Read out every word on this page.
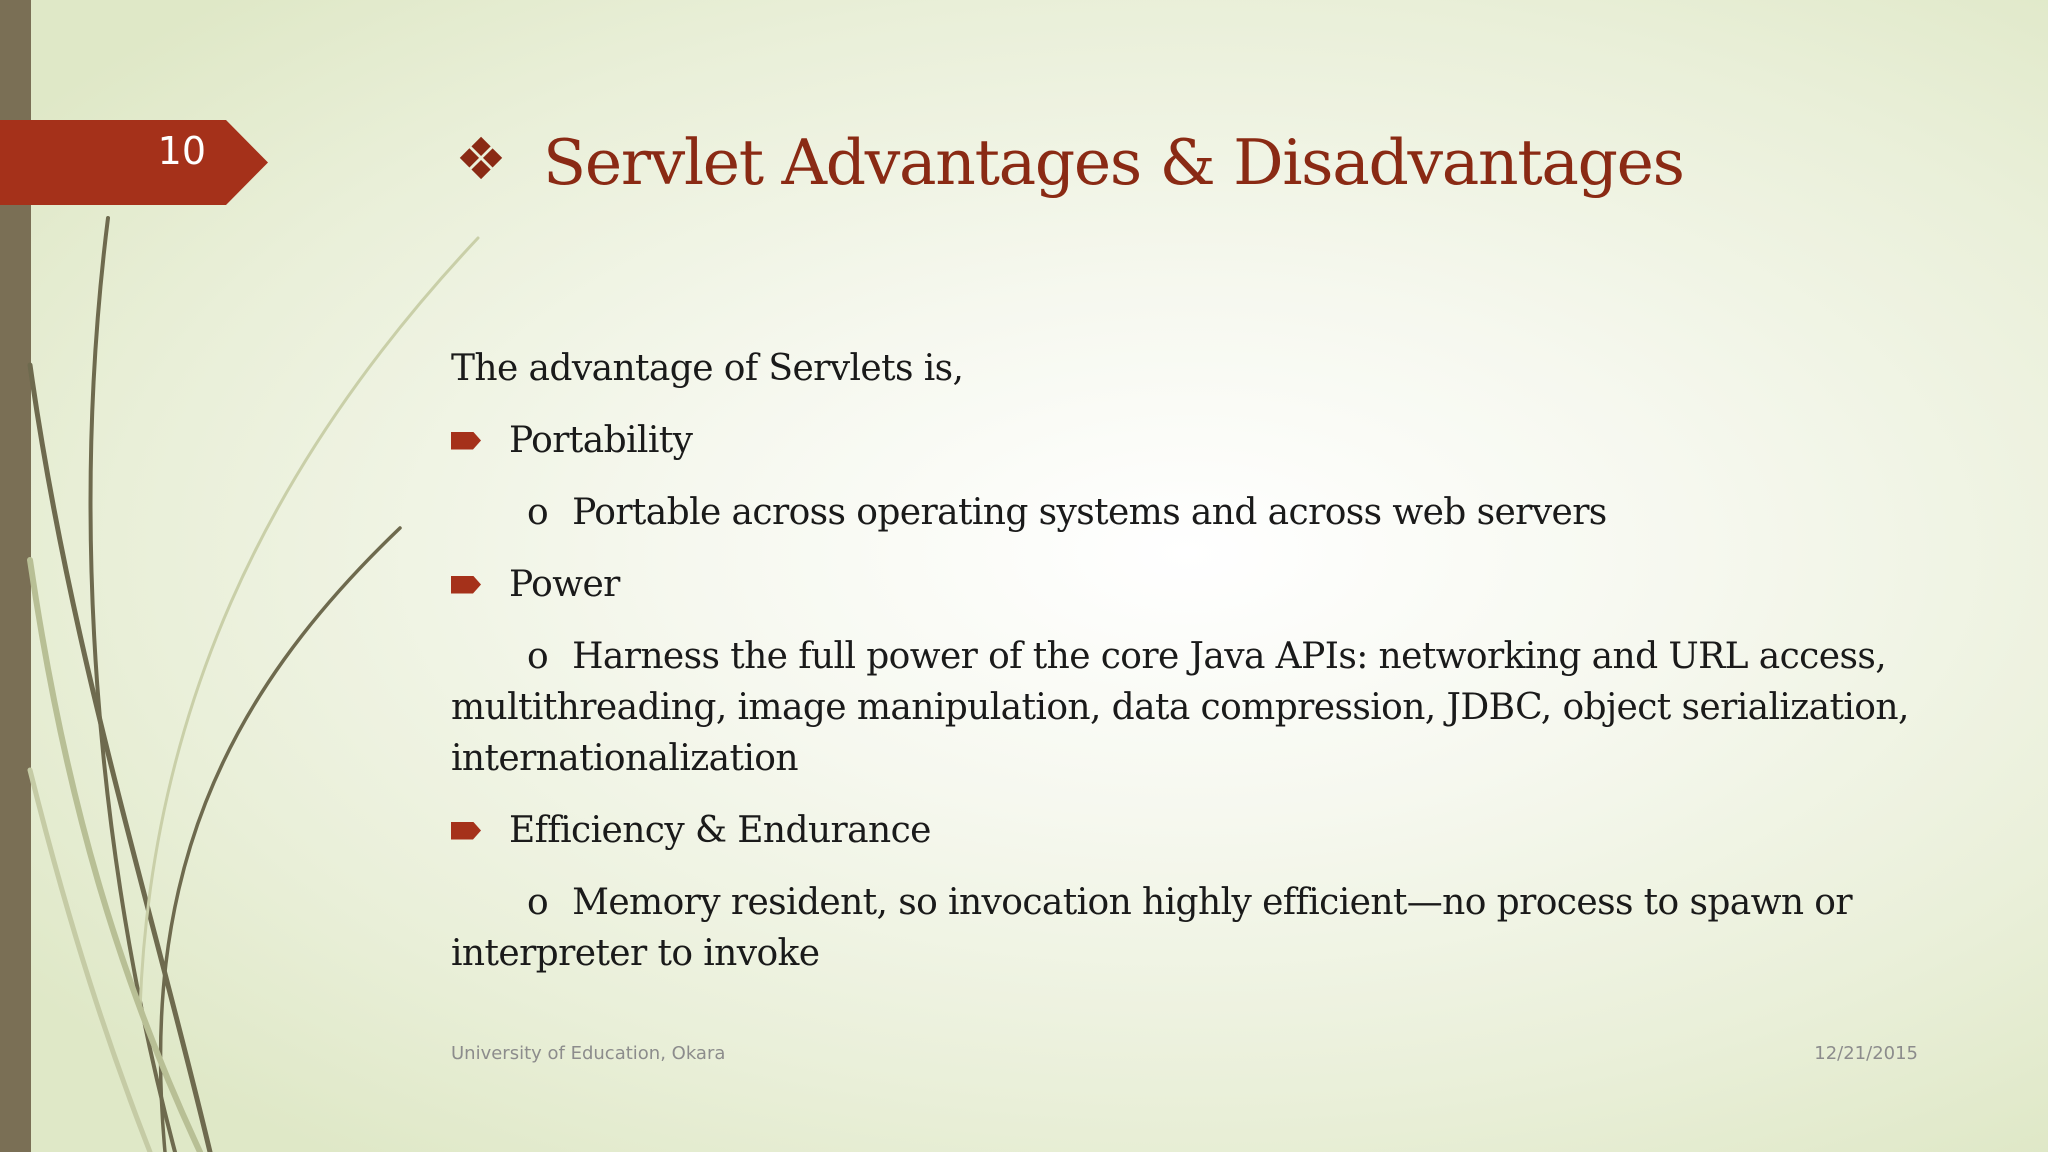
10	❖ Servlet Advantages & Disadvantages
The advantage of Servlets is,
Portability
o Portable across operating systems and across web servers
Power
o Harness the full power of the core Java APIs: networking and URL access, multithreading, image manipulation, data compression, JDBC, object serialization, internationalization
Efficiency & Endurance
o Memory resident, so invocation highly efficient—no process to spawn or interpreter to invoke
University of Education, Okara	12/21/2015
